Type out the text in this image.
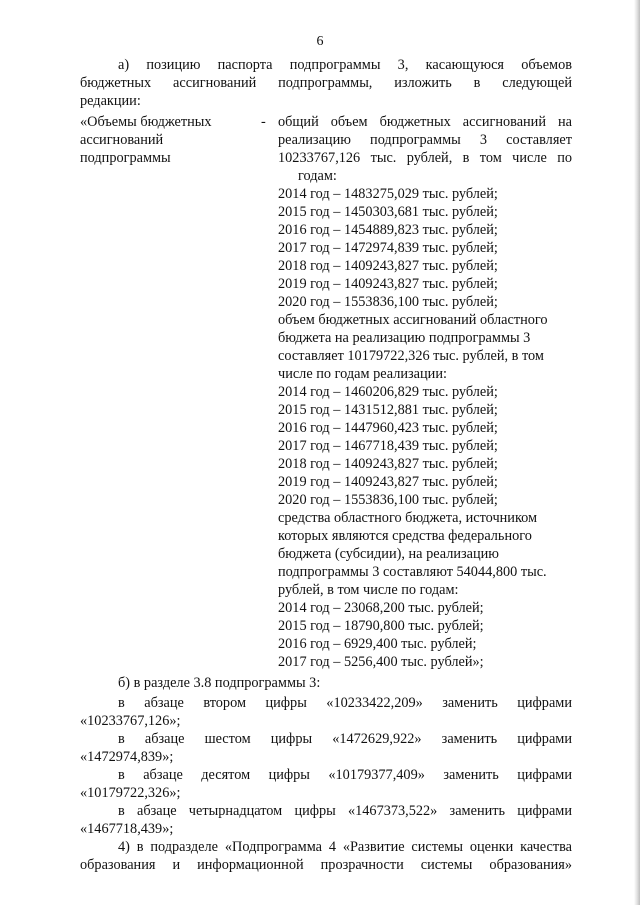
6
а) позицию паспорта подпрограммы 3, касающуюся объемов
бюджетных ассигнований подпрограммы, изложить в следующей
редакции:
«Объемы бюджетных
ассигнований
подпрограммы
- общий объем бюджетных ассигнований на
реализацию подпрограммы 3 составляет
10233767,126 тыс. рублей, в том числе по
годам:
2014 год – 1483275,029 тыс. рублей;
2015 год – 1450303,681 тыс. рублей;
2016 год – 1454889,823 тыс. рублей;
2017 год – 1472974,839 тыс. рублей;
2018 год – 1409243,827 тыс. рублей;
2019 год – 1409243,827 тыс. рублей;
2020 год – 1553836,100 тыс. рублей;
объем бюджетных ассигнований областного
бюджета на реализацию подпрограммы 3
составляет 10179722,326 тыс. рублей, в том
числе по годам реализации:
2014 год – 1460206,829 тыс. рублей;
2015 год – 1431512,881 тыс. рублей;
2016 год – 1447960,423 тыс. рублей;
2017 год – 1467718,439 тыс. рублей;
2018 год – 1409243,827 тыс. рублей;
2019 год – 1409243,827 тыс. рублей;
2020 год – 1553836,100 тыс. рублей;
средства областного бюджета, источником
которых являются средства федерального
бюджета (субсидии), на реализацию
подпрограммы 3 составляют 54044,800 тыс.
рублей, в том числе по годам:
2014 год – 23068,200 тыс. рублей;
2015 год – 18790,800 тыс. рублей;
2016 год – 6929,400 тыс. рублей;
2017 год – 5256,400 тыс. рублей»;
б) в разделе 3.8 подпрограммы 3:
в абзаце втором цифры «10233422,209» заменить цифрами
«10233767,126»;
в абзаце шестом цифры «1472629,922» заменить цифрами
«1472974,839»;
в абзаце десятом цифры «10179377,409» заменить цифрами
«10179722,326»;
в абзаце четырнадцатом цифры «1467373,522» заменить цифрами
«1467718,439»;
4) в подразделе «Подпрограмма 4 «Развитие системы оценки качества
образования и информационной прозрачности системы образования»
